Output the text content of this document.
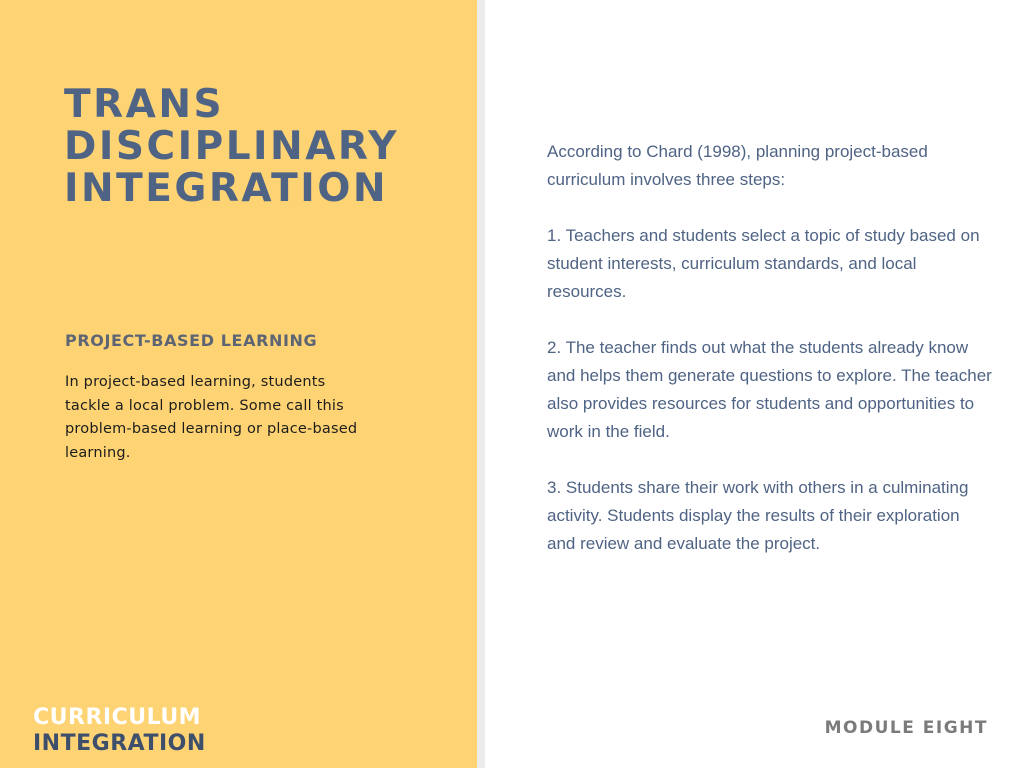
TRANS
DISCIPLINARY
INTEGRATION
PROJECT-BASED LEARNING

In project-based learning, students tackle a local problem. Some call this problem-based learning or place-based learning.

CURRICULUM
INTEGRATION

According to Chard (1998), planning project-based curriculum involves three steps:

1. Teachers and students select a topic of study based on student interests, curriculum standards, and local resources.

2. The teacher finds out what the students already know and helps them generate questions to explore. The teacher also provides resources for students and opportunities to work in the field.

3. Students share their work with others in a culminating activity. Students display the results of their exploration and review and evaluate the project.

MODULE EIGHT
